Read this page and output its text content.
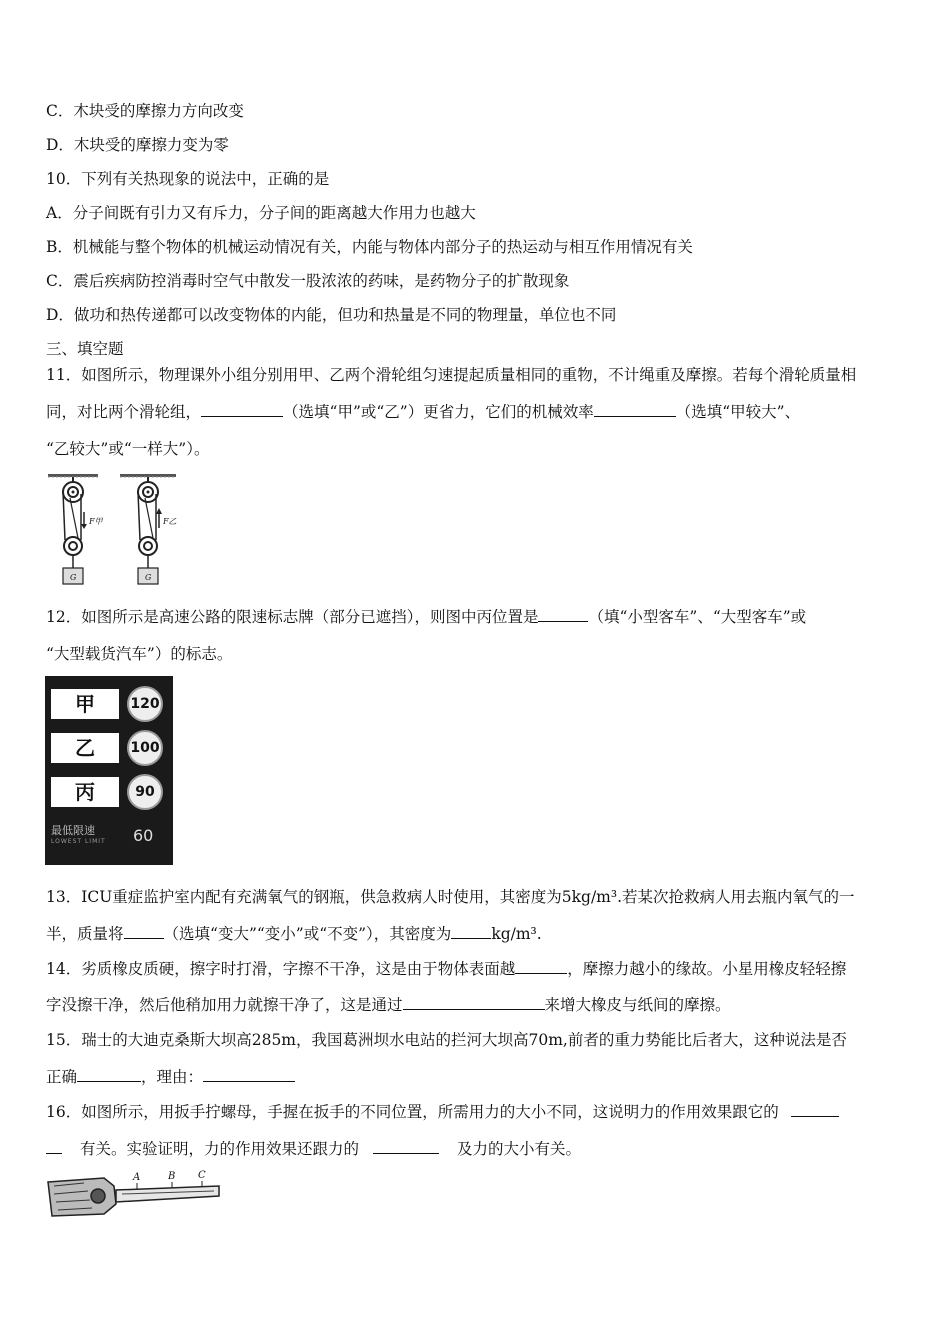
C．木块受的摩擦力方向改变
D．木块受的摩擦力变为零
10．下列有关热现象的说法中，正确的是
A．分子间既有引力又有斥力，分子间的距离越大作用力也越大
B．机械能与整个物体的机械运动情况有关，内能与物体内部分子的热运动与相互作用情况有关
C．震后疾病防控消毒时空气中散发一股浓浓的药味，是药物分子的扩散现象
D．做功和热传递都可以改变物体的内能，但功和热量是不同的物理量，单位也不同
三、填空题
11．如图所示，物理课外小组分别用甲、乙两个滑轮组匀速提起质量相同的重物，不计绳重及摩擦。若每个滑轮质量相
同，对比两个滑轮组，	（选填“甲”或“乙”）更省力，它们的机械效率	（选填“甲较大”、
“乙较大”或“一样大”）。
F甲
G
F乙
G
12．如图所示是高速公路的限速标志牌（部分已遮挡），则图中丙位置是	（填“小型客车”、“大型客车”或
“大型载货汽车”）的标志。
甲	120
乙	100
丙	90
最低限速
LOWEST LIMIT 60
13．ICU重症监护室内配有充满氧气的钢瓶，供急救病人时使用，其密度为5kg/m³.若某次抢救病人用去瓶内氧气的一
半，质量将	（选填“变大”“变小”或“不变”），其密度为	kg/m³.
14．劣质橡皮质硬，擦字时打滑，字擦不干净，这是由于物体表面越	，摩擦力越小的缘故。小星用橡皮轻轻擦
字没擦干净，然后他稍加用力就擦干净了，这是通过	来增大橡皮与纸间的摩擦。
15．瑞士的大迪克桑斯大坝高285m，我国葛洲坝水电站的拦河大坝高70m,前者的重力势能比后者大，这种说法是否
正确	，理由：
16．如图所示，用扳手拧螺母，手握在扳手的不同位置，所需用力的大小不同，这说明力的作用效果跟它的
有关。实验证明，力的作用效果还跟力的	及力的大小有关。
A	B C
